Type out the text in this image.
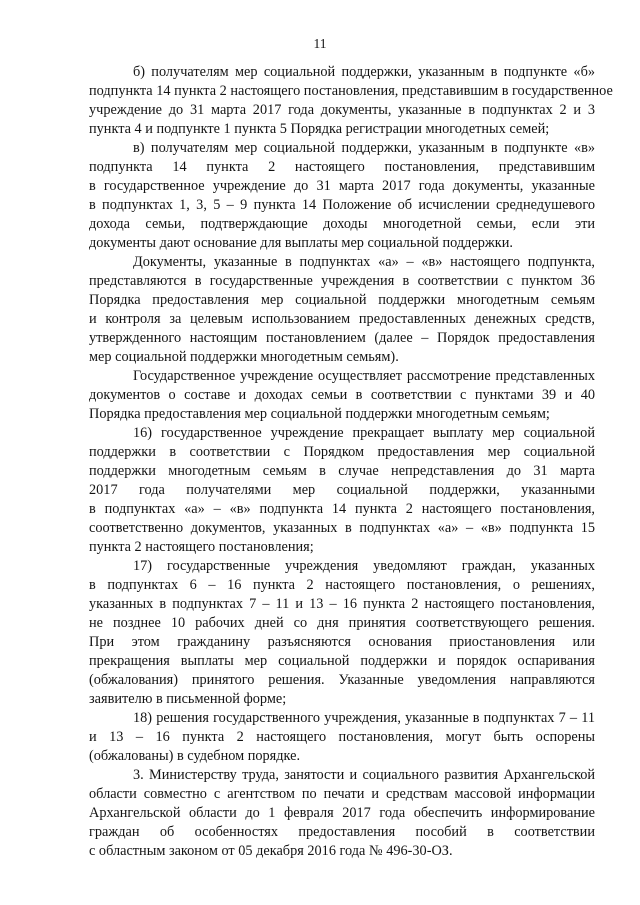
11
б) получателям мер социальной поддержки, указанным в подпункте «б»
подпункта 14 пункта 2 настоящего постановления, представившим в государственное
учреждение до 31 марта 2017 года документы, указанные в подпунктах 2 и 3
пункта 4 и подпункте 1 пункта 5 Порядка регистрации многодетных семей;
в) получателям мер социальной поддержки, указанным в подпункте «в»
подпункта 14 пункта 2 настоящего постановления, представившим
в государственное учреждение до 31 марта 2017 года документы, указанные
в подпунктах 1, 3, 5 – 9 пункта 14 Положение об исчислении среднедушевого
дохода семьи, подтверждающие доходы многодетной семьи, если эти
документы дают основание для выплаты мер социальной поддержки.
Документы, указанные в подпунктах «а» – «в» настоящего подпункта,
представляются в государственные учреждения в соответствии с пунктом 36
Порядка предоставления мер социальной поддержки многодетным семьям
и контроля за целевым использованием предоставленных денежных средств,
утвержденного настоящим постановлением (далее – Порядок предоставления
мер социальной поддержки многодетным семьям).
Государственное учреждение осуществляет рассмотрение представленных
документов о составе и доходах семьи в соответствии с пунктами 39 и 40
Порядка предоставления мер социальной поддержки многодетным семьям;
16) государственное учреждение прекращает выплату мер социальной
поддержки в соответствии с Порядком предоставления мер социальной
поддержки многодетным семьям в случае непредставления до 31 марта
2017 года получателями мер социальной поддержки, указанными
в подпунктах «а» – «в» подпункта 14 пункта 2 настоящего постановления,
соответственно документов, указанных в подпунктах «а» – «в» подпункта 15
пункта 2 настоящего постановления;
17) государственные учреждения уведомляют граждан, указанных
в подпунктах 6 – 16 пункта 2 настоящего постановления, о решениях,
указанных в подпунктах 7 – 11 и 13 – 16 пункта 2 настоящего постановления,
не позднее 10 рабочих дней со дня принятия соответствующего решения.
При этом гражданину разъясняются основания приостановления или
прекращения выплаты мер социальной поддержки и порядок оспаривания
(обжалования) принятого решения. Указанные уведомления направляются
заявителю в письменной форме;
18) решения государственного учреждения, указанные в подпунктах 7 – 11
и 13 – 16 пункта 2 настоящего постановления, могут быть оспорены
(обжалованы) в судебном порядке.
3. Министерству труда, занятости и социального развития Архангельской
области совместно с агентством по печати и средствам массовой информации
Архангельской области до 1 февраля 2017 года обеспечить информирование
граждан об особенностях предоставления пособий в соответствии
с областным законом от 05 декабря 2016 года № 496-30-ОЗ.
